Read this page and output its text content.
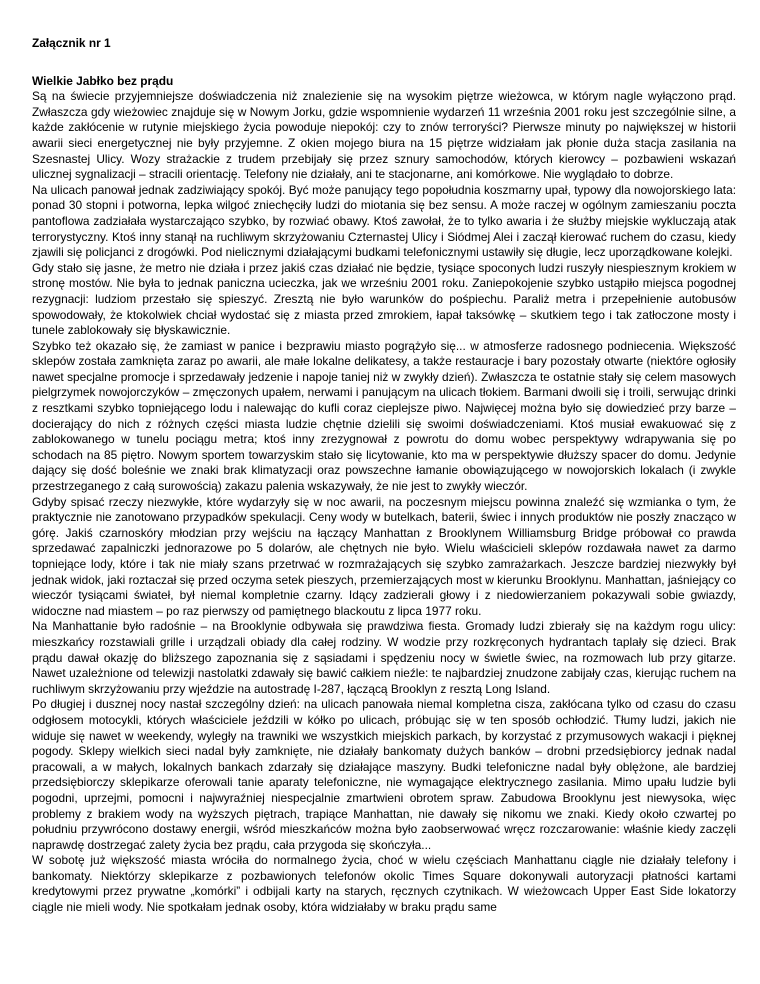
Załącznik nr 1

Wielkie Jabłko bez prądu

Są na świecie przyjemniejsze doświadczenia niż znalezienie się na wysokim piętrze wieżowca, w którym nagle wyłączono prąd. Zwłaszcza gdy wieżowiec znajduje się w Nowym Jorku, gdzie wspomnienie wydarzeń 11 września 2001 roku jest szczególnie silne, a każde zakłócenie w rutynie miejskiego życia powoduje niepokój: czy to znów terroryści? Pierwsze minuty po największej w historii awarii sieci energetycznej nie były przyjemne. Z okien mojego biura na 15 piętrze widziałam jak płonie duża stacja zasilania na Szesnastej Ulicy. Wozy strażackie z trudem przebijały się przez sznury samochodów, których kierowcy – pozbawieni wskazań ulicznej sygnalizacji – stracili orientację. Telefony nie działały, ani te stacjonarne, ani komórkowe. Nie wyglądało to dobrze.

Na ulicach panował jednak zadziwiający spokój. Być może panujący tego popołudnia koszmarny upał, typowy dla nowojorskiego lata: ponad 30 stopni i potworna, lepka wilgoć zniechęciły ludzi do miotania się bez sensu. A może raczej w ogólnym zamieszaniu poczta pantoflowa zadziałała wystarczająco szybko, by rozwiać obawy. Ktoś zawołał, że to tylko awaria i że służby miejskie wykluczają atak terrorystyczny. Ktoś inny stanął na ruchliwym skrzyżowaniu Czternastej Ulicy i Siódmej Alei i zaczął kierować ruchem do czasu, kiedy zjawili się policjanci z drogówki. Pod nielicznymi działającymi budkami telefonicznymi ustawiły się długie, lecz uporządkowane kolejki.

Gdy stało się jasne, że metro nie działa i przez jakiś czas działać nie będzie, tysiące spoconych ludzi ruszyły niespiesznym krokiem w stronę mostów. Nie była to jednak paniczna ucieczka, jak we wrześniu 2001 roku. Zaniepokojenie szybko ustąpiło miejsca pogodnej rezygnacji: ludziom przestało się spieszyć. Zresztą nie było warunków do pośpiechu. Paraliż metra i przepełnienie autobusów spowodowały, że ktokolwiek chciał wydostać się z miasta przed zmrokiem, łapał taksówkę – skutkiem tego i tak zatłoczone mosty i tunele zablokowały się błyskawicznie.

Szybko też okazało się, że zamiast w panice i bezprawiu miasto pogrążyło się... w atmosferze radosnego podniecenia. Większość sklepów została zamknięta zaraz po awarii, ale małe lokalne delikatesy, a także restauracje i bary pozostały otwarte (niektóre ogłosiły nawet specjalne promocje i sprzedawały jedzenie i napoje taniej niż w zwykły dzień). Zwłaszcza te ostatnie stały się celem masowych pielgrzymek nowojorczyków – zmęczonych upałem, nerwami i panującym na ulicach tłokiem. Barmani dwoili się i troili, serwując drinki z resztkami szybko topniejącego lodu i nalewając do kufli coraz cieplejsze piwo. Najwięcej można było się dowiedzieć przy barze – docierający do nich z różnych części miasta ludzie chętnie dzielili się swoimi doświadczeniami. Ktoś musiał ewakuować się z zablokowanego w tunelu pociągu metra; ktoś inny zrezygnował z powrotu do domu wobec perspektywy wdrapywania się po schodach na 85 piętro. Nowym sportem towarzyskim stało się licytowanie, kto ma w perspektywie dłuższy spacer do domu. Jedynie dający się dość boleśnie we znaki brak klimatyzacji oraz powszechne łamanie obowiązującego w nowojorskich lokalach (i zwykle przestrzeganego z całą surowością) zakazu palenia wskazywały, że nie jest to zwykły wieczór.

Gdyby spisać rzeczy niezwykłe, które wydarzyły się w noc awarii, na poczesnym miejscu powinna znaleźć się wzmianka o tym, że praktycznie nie zanotowano przypadków spekulacji. Ceny wody w butelkach, baterii, świec i innych produktów nie poszły znacząco w górę. Jakiś czarnoskóry młodzian przy wejściu na łączący Manhattan z Brooklynem Williamsburg Bridge próbował co prawda sprzedawać zapalniczki jednorazowe po 5 dolarów, ale chętnych nie było. Wielu właścicieli sklepów rozdawała nawet za darmo topniejące lody, które i tak nie miały szans przetrwać w rozmrażających się szybko zamrażarkach. Jeszcze bardziej niezwykły był jednak widok, jaki roztaczał się przed oczyma setek pieszych, przemierzających most w kierunku Brooklynu. Manhattan, jaśniejący co wieczór tysiącami świateł, był niemal kompletnie czarny. Idący zadzierali głowy i z niedowierzaniem pokazywali sobie gwiazdy, widoczne nad miastem – po raz pierwszy od pamiętnego blackoutu z lipca 1977 roku.

Na Manhattanie było radośnie – na Brooklynie odbywała się prawdziwa fiesta. Gromady ludzi zbierały się na każdym rogu ulicy: mieszkańcy rozstawiali grille i urządzali obiady dla całej rodziny. W wodzie przy rozkręconych hydrantach taplały się dzieci. Brak prądu dawał okazję do bliższego zapoznania się z sąsiadami i spędzeniu nocy w świetle świec, na rozmowach lub przy gitarze. Nawet uzależnione od telewizji nastolatki zdawały się bawić całkiem nieźle: te najbardziej znudzone zabijały czas, kierując ruchem na ruchliwym skrzyżowaniu przy wjeździe na autostradę I-287, łączącą Brooklyn z resztą Long Island.

Po długiej i dusznej nocy nastał szczególny dzień: na ulicach panowała niemal kompletna cisza, zakłócana tylko od czasu do czasu odgłosem motocykli, których właściciele jeździli w kółko po ulicach, próbując się w ten sposób ochłodzić. Tłumy ludzi, jakich nie widuje się nawet w weekendy, wyległy na trawniki we wszystkich miejskich parkach, by korzystać z przymusowych wakacji i pięknej pogody. Sklepy wielkich sieci nadal były zamknięte, nie działały bankomaty dużych banków – drobni przedsiębiorcy jednak nadal pracowali, a w małych, lokalnych bankach zdarzały się działające maszyny. Budki telefoniczne nadal były oblężone, ale bardziej przedsiębiorczy sklepikarze oferowali tanie aparaty telefoniczne, nie wymagające elektrycznego zasilania. Mimo upału ludzie byli pogodni, uprzejmi, pomocni i najwyraźniej niespecjalnie zmartwieni obrotem spraw. Zabudowa Brooklynu jest niewysoka, więc problemy z brakiem wody na wyższych piętrach, trapiące Manhattan, nie dawały się nikomu we znaki. Kiedy około czwartej po południu przywrócono dostawy energii, wśród mieszkańców można było zaobserwować wręcz rozczarowanie: właśnie kiedy zaczęli naprawdę dostrzegać zalety życia bez prądu, cała przygoda się skończyła...

W sobotę już większość miasta wróciła do normalnego życia, choć w wielu częściach Manhattanu ciągle nie działały telefony i bankomaty. Niektórzy sklepikarze z pozbawionych telefonów okolic Times Square dokonywali autoryzacji płatności kartami kredytowymi przez prywatne „komórki” i odbijali karty na starych, ręcznych czytnikach. W wieżowcach Upper East Side lokatorzy ciągle nie mieli wody. Nie spotkałam jednak osoby, która widziałaby w braku prądu same
